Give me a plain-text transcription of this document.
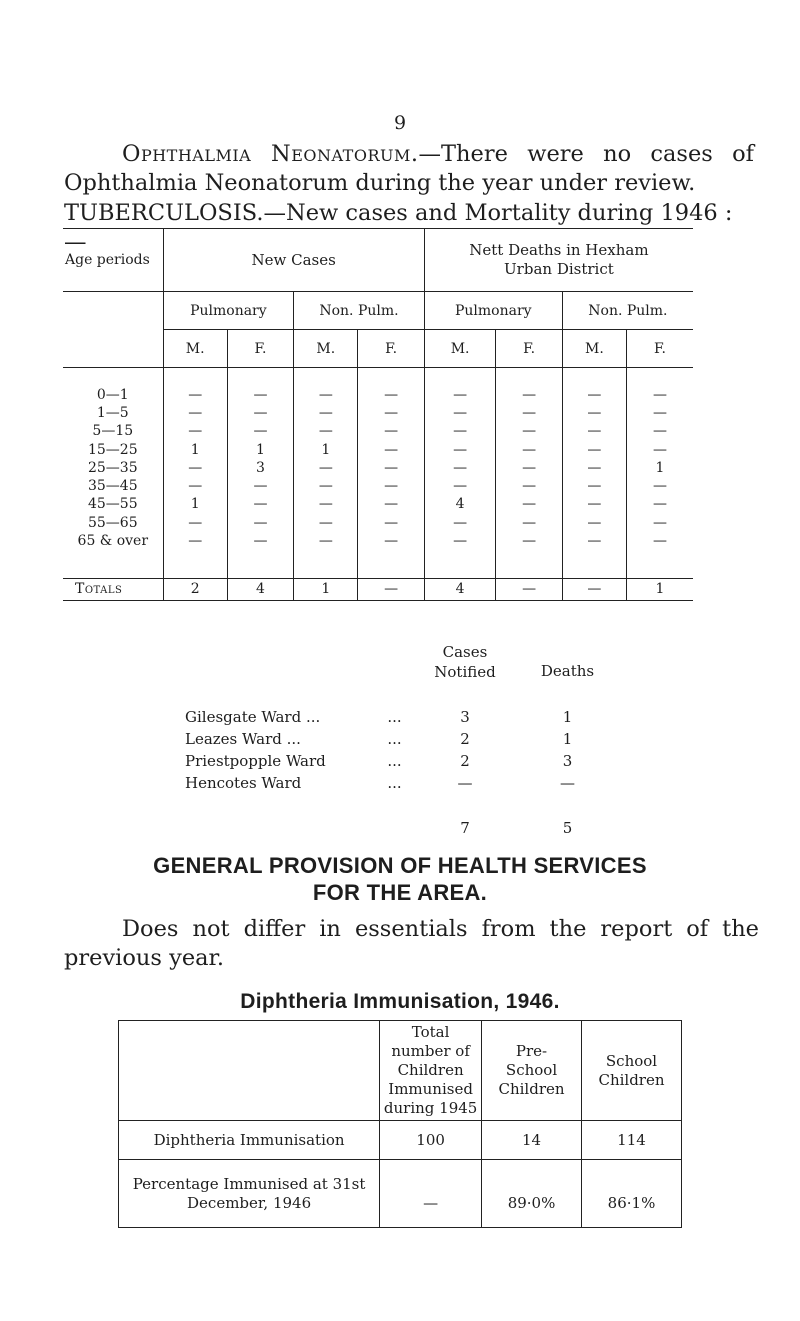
9

Ophthalmia Neonatorum.—There were no cases of Ophthalmia Neonatorum during the year under review.

TUBERCULOSIS.—New cases and Mortality during 1946 :—

Age periods	New Cases				Nett Deaths in Hexham Urban District			
	Pulmonary		Non. Pulm.		Pulmonary		Non. Pulm.	
	M.	F.	M.	F.	M.	F.	M.	F.

0—1	—	—	—	—	—	—	—	—
1—5	—	—	—	—	—	—	—	—
5—15	—	—	—	—	—	—	—	—
15—25	1	1	1	—	—	—	—	—
25—35	—	3	—	—	—	—	—	1
35—45	—	—	—	—	—	—	—	—
45—55	1	—	—	—	4	—	—	—
55—65	—	—	—	—	—	—	—	—
65 & over	—	—	—	—	—	—	—	—

Totals	2	4	1	—	4	—	—	1
		Cases Notified	Deaths

Gilesgate Ward ...	...	3	1
Leazes Ward ...	...	2	1
Priestpopple Ward	...	2	3
Hencotes Ward	...	—	—

		7	5
GENERAL PROVISION OF HEALTH SERVICES
FOR THE AREA.

Does not differ in essentials from the report of the previous year.

Diphtheria Immunisation, 1946.
	Total number of Children Immunised during 1945	Pre- School Children	School Children
Diphtheria Immunisation	100	14	114
Percentage Immunised at 31st December, 1946	—	89·0%	86·1%
